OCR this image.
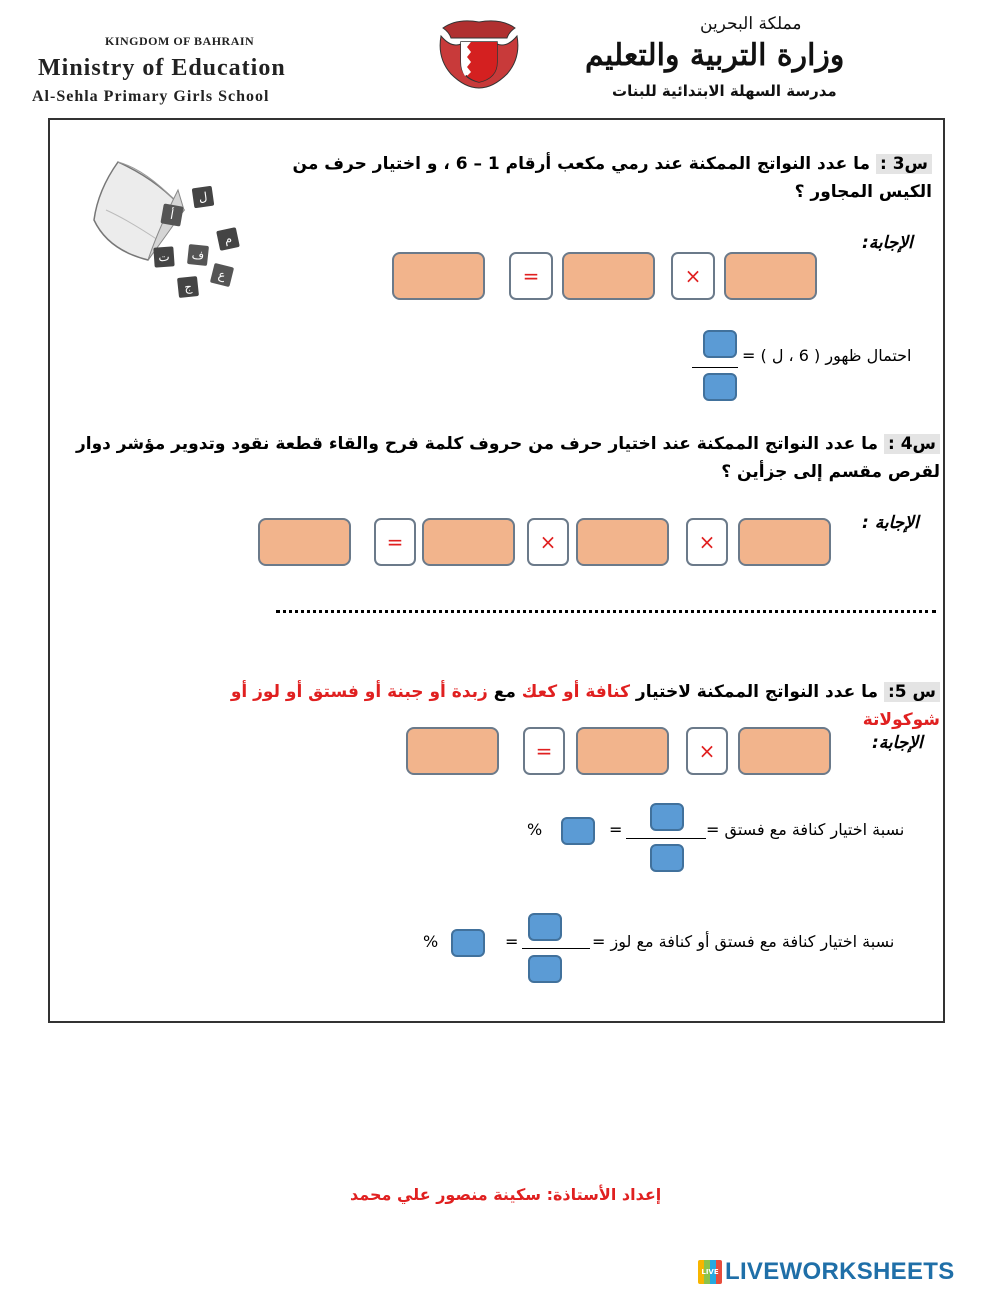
KINGDOM OF BAHRAIN
Ministry of Education
Al-Sehla Primary Girls School
مملكة البحرين
وزارة التربية والتعليم
مدرسة السهلة الابتدائية للبنات
س3 : ما عدد النواتج الممكنة عند رمي مكعب أرقام 1 – 6 ، و اختيار حرف من الكيس المجاور ؟
ل
أ
م
ف
ت
ع
ج
الإجابة:
×
=
احتمال ظهور ( 6 ، ل ) =
س4 : ما عدد النواتج الممكنة عند اختيار حرف من حروف كلمة فرح والقاء قطعة نقود وتدوير مؤشر دوار لقرص مقسم إلى جزأين ؟
الإجابة :
×
×
=
س 5: ما عدد النواتج الممكنة لاختيار كنافة أو كعك مع زبدة أو جبنة أو فستق أو لوز أو شوكولاتة
الإجابة:
×
=
نسبة اختيار كنافة مع فستق =
=
%
نسبة اختيار كنافة مع فستق أو كنافة مع لوز =
=
%
إعداد الأستاذة: سكينة منصور علي محمد
LIVE LIVEWORKSHEETS
